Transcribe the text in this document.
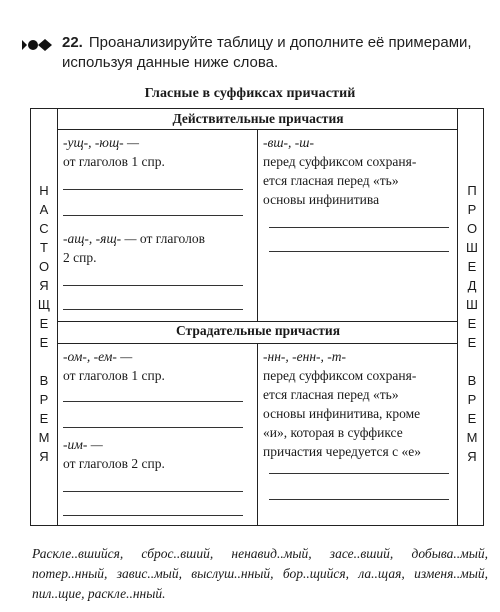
22. Проанализируйте таблицу и дополните её примерами, используя данные ниже слова.
Гласные в суффиксах причастий
Действительные причастия
Страдательные причастия
Н
А
С
Т
О
Я
Щ
Е
Е

В
Р
Е
М
Я
П
Р
О
Ш
Е
Д
Ш
Е
Е

В
Р
Е
М
Я
-ущ-, -ющ- —
от глаголов 1 спр.
-ащ-, -ящ- — от глаголов
2 спр.
-вш-, -ш-
перед суффиксом сохраня-
ется гласная перед «ть»
основы инфинитива
-ом-, -ем- —
от глаголов 1 спр.
-им- —
от глаголов 2 спр.
-нн-, -енн-, -т-
перед суффиксом сохраня-
ется гласная перед «ть»
основы инфинитива, кроме
«и», которая в суффиксе
причастия чередуется с «е»
Раскле..вшийся, сброс..вший, ненавид..мый, засе..вший, добыва..мый, потер..нный, завис..мый, выслуш..нный, бор..щийся, ла..щая, изменя..мый, пил..щие, раскле..нный.
